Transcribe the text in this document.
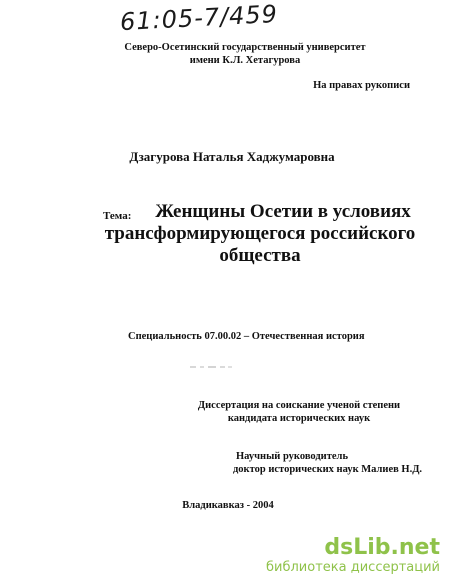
61:05-7/459
Северо-Осетинский государственный университет
имени К.Л. Хетагурова
На правах рукописи
Дзагурова Наталья Хаджумаровна
Тема:	Женщины Осетии в условиях
трансформирующегося российского
общества
Специальность 07.00.02 – Отечественная история
Диссертация на соискание ученой степени
кандидата исторических наук
Научный руководитель
доктор исторических наук Малиев Н.Д.
Владикавказ - 2004
dsLib.net
библиотека диссертаций
